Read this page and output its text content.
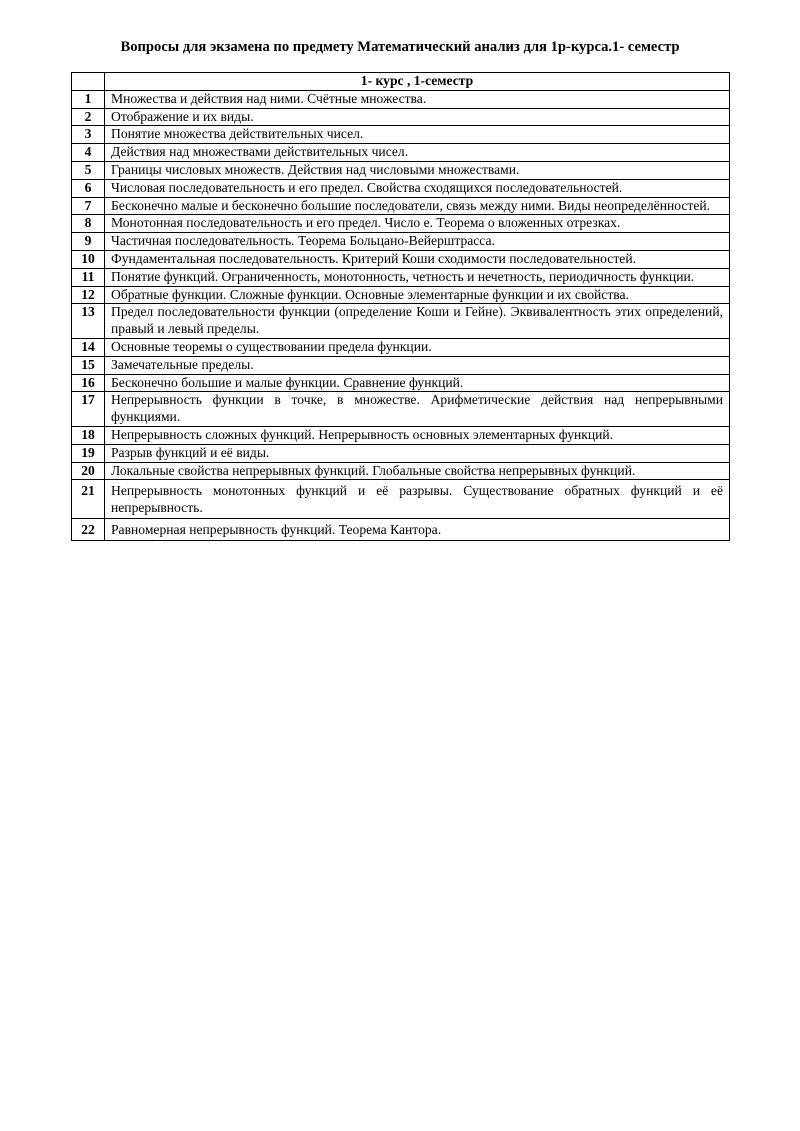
Вопросы для экзамена по предмету Математический анализ для 1р-курса.1- семестр
	1- курс , 1-семестр
1	Множества и действия над ними. Счётные множества.
2	Отображение и их виды.
3	Понятие множества действительных чисел.
4	Действия над множествами действительных чисел.
5	Границы числовых множеств. Действия над числовыми множествами.
6	Числовая последовательность и его предел. Свойства сходящихся последовательностей.
7	Бесконечно малые и бесконечно большие последователи, связь между ними. Виды неопределённостей.
8	Монотонная последовательность и его предел. Число е. Теорема о вложенных отрезках.
9	Частичная последовательность. Теорема Больцано-Вейерштрасса.
10	Фундаментальная последовательность. Критерий Коши сходимости последовательностей.
11	Понятие функций. Ограниченность, монотонность, четность и нечетность, периодичность функции.
12	Обратные функции. Сложные функции. Основные элементарные функции и их свойства.
13	Предел последовательности функции (определение Коши и Гейне). Эквивалентность этих определений, правый и левый пределы.
14	Основные теоремы о существовании предела функции.
15	Замечательные пределы.
16	Бесконечно большие и малые функции. Сравнение функций.
17	Непрерывность функции в точке, в множестве. Арифметические действия над непрерывными функциями.
18	Непрерывность сложных функций. Непрерывность основных элементарных функций.
19	Разрыв функций и её виды.
20	Локальные свойства непрерывных функций. Глобальные свойства непрерывных функций.
21	Непрерывность монотонных функций и её разрывы. Существование обратных функций и её непрерывность.
22	Равномерная непрерывность функций. Теорема Кантора.
